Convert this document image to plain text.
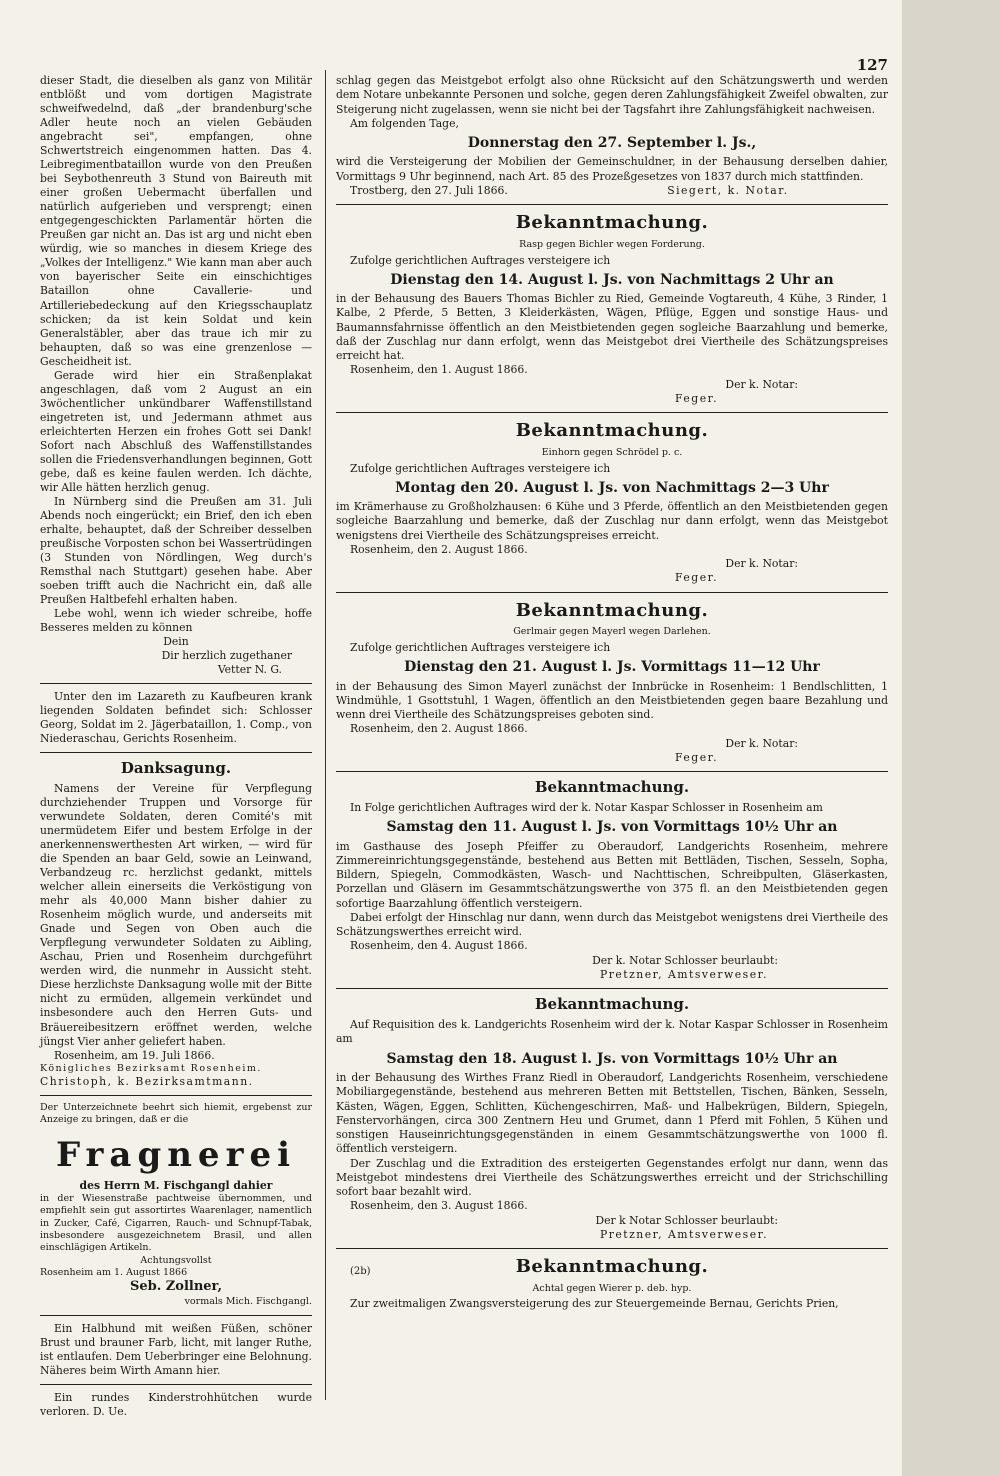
127

dieser Stadt, die dieselben als ganz von Militär entblößt und vom dortigen Magistrate schweifwedelnd, daß „der brandenburg'sche Adler heute noch an vielen Gebäuden angebracht sei", empfangen, ohne Schwertstreich eingenommen hatten. Das 4. Leibregimentbataillon wurde von den Preußen bei Seybothenreuth 3 Stund von Baireuth mit einer großen Uebermacht überfallen und natürlich aufgerieben und versprengt; einen entgegengeschickten Parlamentär hörten die Preußen gar nicht an. Das ist arg und nicht eben würdig, wie so manches in diesem Kriege des „Volkes der Intelligenz." Wie kann man aber auch von bayerischer Seite ein einschichtiges Bataillon ohne Cavallerie- und Artilleriebedeckung auf den Kriegsschauplatz schicken; da ist kein Soldat und kein Generalstäbler, aber das traue ich mir zu behaupten, daß so was eine grenzenlose — Gescheidheit ist.

Gerade wird hier ein Straßenplakat angeschlagen, daß vom 2 August an ein 3wöchentlicher unkündbarer Waffenstillstand eingetreten ist, und Jedermann athmet aus erleichterten Herzen ein frohes Gott sei Dank! Sofort nach Abschluß des Waffenstillstandes sollen die Friedensverhandlungen beginnen, Gott gebe, daß es keine faulen werden. Ich dächte, wir Alle hätten herzlich genug.

In Nürnberg sind die Preußen am 31. Juli Abends noch eingerückt; ein Brief, den ich eben erhalte, behauptet, daß der Schreiber desselben preußische Vorposten schon bei Wassertrüdingen (3 Stunden von Nördlingen, Weg durch's Remsthal nach Stuttgart) gesehen habe. Aber soeben trifft auch die Nachricht ein, daß alle Preußen Haltbefehl erhalten haben.

Lebe wohl, wenn ich wieder schreibe, hoffe Besseres melden zu können

Dein

Dir herzlich zugethaner

Vetter N. G.

Unter den im Lazareth zu Kaufbeuren krank liegenden Soldaten befindet sich: Schlosser Georg, Soldat im 2. Jägerbataillon, 1. Comp., von Niederaschau, Gerichts Rosenheim.

Danksagung.

Namens der Vereine für Verpflegung durchziehender Truppen und Vorsorge für verwundete Soldaten, deren Comité's mit unermüdetem Eifer und bestem Erfolge in der anerkennenswerthesten Art wirken, — wird für die Spenden an baar Geld, sowie an Leinwand, Verbandzeug rc. herzlichst gedankt, mittels welcher allein einerseits die Verköstigung von mehr als 40,000 Mann bisher dahier zu Rosenheim möglich wurde, und anderseits mit Gnade und Segen von Oben auch die Verpflegung verwundeter Soldaten zu Aibling, Aschau, Prien und Rosenheim durchgeführt werden wird, die nunmehr in Aussicht steht. Diese herzlichste Danksagung wolle mit der Bitte nicht zu ermüden, allgemein verkündet und insbesondere auch den Herren Guts- und Bräuereibesitzern eröffnet werden, welche jüngst Vier anher geliefert haben.

Rosenheim, am 19. Juli 1866.

Königliches Bezirksamt Rosenheim.

Christoph, k. Bezirksamtmann.

Der Unterzeichnete beehrt sich hiemit, ergebenst zur Anzeige zu bringen, daß er die

Fragnerei

des Herrn M. Fischgangl dahier

in der Wiesenstraße pachtweise übernommen, und empfiehlt sein gut assortirtes Waarenlager, namentlich in Zucker, Café, Cigarren, Rauch- und Schnupf-Tabak, insbesondere ausgezeichnetem Brasil, und allen einschlägigen Artikeln.

Achtungsvollst

Rosenheim am 1. August 1866

Seb. Zollner,

vormals Mich. Fischgangl.

Ein Halbhund mit weißen Füßen, schöner Brust und brauner Farb, licht, mit langer Ruthe, ist entlaufen. Dem Ueberbringer eine Belohnung. Näheres beim Wirth Amann hier.

Ein rundes Kinderstrohhütchen wurde verloren. D. Ue.

schlag gegen das Meistgebot erfolgt also ohne Rücksicht auf den Schätzungswerth und werden dem Notare unbekannte Personen und solche, gegen deren Zahlungsfähigkeit Zweifel obwalten, zur Steigerung nicht zugelassen, wenn sie nicht bei der Tagsfahrt ihre Zahlungsfähigkeit nachweisen.

Am folgenden Tage,

Donnerstag den 27. September l. Js.,

wird die Versteigerung der Mobilien der Gemeinschuldner, in der Behausung derselben dahier, Vormittags 9 Uhr beginnend, nach Art. 85 des Prozeßgesetzes von 1837 durch mich stattfinden.

Trostberg, den 27. Juli 1866.	Siegert, k. Notar.
Bekanntmachung.
Rasp gegen Bichler wegen Forderung.

Zufolge gerichtlichen Auftrages versteigere ich

Dienstag den 14. August l. Js. von Nachmittags 2 Uhr an

in der Behausung des Bauers Thomas Bichler zu Ried, Gemeinde Vogtareuth, 4 Kühe, 3 Rinder, 1 Kalbe, 2 Pferde, 5 Betten, 3 Kleiderkästen, Wägen, Pflüge, Eggen und sonstige Haus- und Baumannsfahrnisse öffentlich an den Meistbietenden gegen sogleiche Baarzahlung und bemerke, daß der Zuschlag nur dann erfolgt, wenn das Meistgebot drei Viertheile des Schätzungspreises erreicht hat.

Rosenheim, den 1. August 1866.

Der k. Notar:

Feger.

Bekanntmachung.
Einhorn gegen Schrödel p. c.

Zufolge gerichtlichen Auftrages versteigere ich

Montag den 20. August l. Js. von Nachmittags 2—3 Uhr

im Krämerhause zu Großholzhausen: 6 Kühe und 3 Pferde, öffentlich an den Meistbietenden gegen sogleiche Baarzahlung und bemerke, daß der Zuschlag nur dann erfolgt, wenn das Meistgebot wenigstens drei Viertheile des Schätzungspreises erreicht.

Rosenheim, den 2. August 1866.

Der k. Notar:

Feger.

Bekanntmachung.
Gerlmair gegen Mayerl wegen Darlehen.

Zufolge gerichtlichen Auftrages versteigere ich

Dienstag den 21. August l. Js. Vormittags 11—12 Uhr

in der Behausung des Simon Mayerl zunächst der Innbrücke in Rosenheim: 1 Bendlschlitten, 1 Windmühle, 1 Gsottstuhl, 1 Wagen, öffentlich an den Meistbietenden gegen baare Bezahlung und wenn drei Viertheile des Schätzungspreises geboten sind.

Rosenheim, den 2. August 1866.

Der k. Notar:

Feger.

Bekanntmachung.

In Folge gerichtlichen Auftrages wird der k. Notar Kaspar Schlosser in Rosenheim am

Samstag den 11. August l. Js. von Vormittags 10½ Uhr an

im Gasthause des Joseph Pfeiffer zu Oberaudorf, Landgerichts Rosenheim, mehrere Zimmereinrichtungsgegenstände, bestehend aus Betten mit Bettläden, Tischen, Sesseln, Sopha, Bildern, Spiegeln, Commodkästen, Wasch- und Nachttischen, Schreibpulten, Gläserkasten, Porzellan und Gläsern im Gesammtschätzungswerthe von 375 fl. an den Meistbietenden gegen sofortige Baarzahlung öffentlich versteigern.

Dabei erfolgt der Hinschlag nur dann, wenn durch das Meistgebot wenigstens drei Viertheile des Schätzungswerthes erreicht wird.

Rosenheim, den 4. August 1866.

Der k. Notar Schlosser beurlaubt:

Pretzner, Amtsverweser.

Bekanntmachung.

Auf Requisition des k. Landgerichts Rosenheim wird der k. Notar Kaspar Schlosser in Rosenheim am

Samstag den 18. August l. Js. von Vormittags 10½ Uhr an

in der Behausung des Wirthes Franz Riedl in Oberaudorf, Landgerichts Rosenheim, verschiedene Mobiliargegenstände, bestehend aus mehreren Betten mit Bettstellen, Tischen, Bänken, Sesseln, Kästen, Wägen, Eggen, Schlitten, Küchengeschirren, Maß- und Halbekrügen, Bildern, Spiegeln, Fenstervorhängen, circa 300 Zentnern Heu und Grumet, dann 1 Pferd mit Fohlen, 5 Kühen und sonstigen Hauseinrichtungsgegenständen in einem Gesammtschätzungswerthe von 1000 fl. öffentlich versteigern.

Der Zuschlag und die Extradition des ersteigerten Gegenstandes erfolgt nur dann, wenn das Meistgebot mindestens drei Viertheile des Schätzungswerthes erreicht und der Strichschilling sofort baar bezahlt wird.

Rosenheim, den 3. August 1866.

Der k Notar Schlosser beurlaubt:

Pretzner, Amtsverweser.

(2b)	Bekanntmachung.
Achtal gegen Wierer p. deb. hyp.

Zur zweitmaligen Zwangsversteigerung des zur Steuergemeinde Bernau, Gerichts Prien,
